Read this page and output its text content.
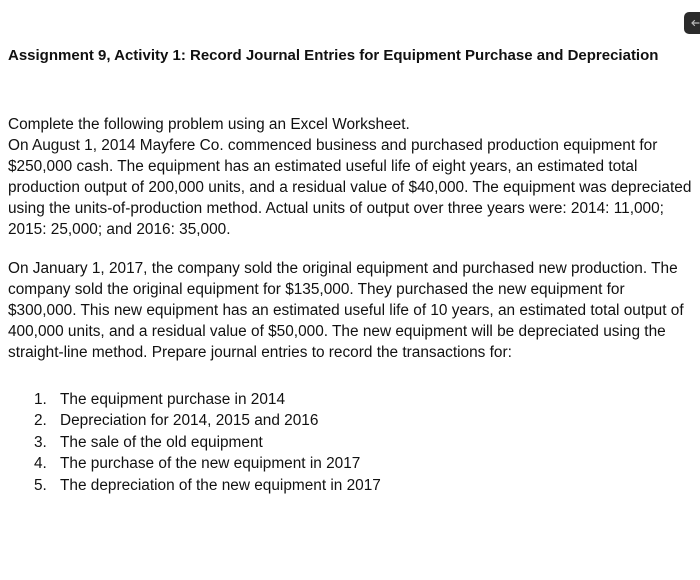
Assignment 9, Activity 1: Record Journal Entries for Equipment Purchase and Depreciation

Complete the following problem using an Excel Worksheet.

On August 1, 2014 Mayfere Co. commenced business and purchased production equipment for $250,000 cash. The equipment has an estimated useful life of eight years, an estimated total production output of 200,000 units, and a residual value of $40,000. The equipment was depreciated using the units-of-production method. Actual units of output over three years were: 2014: 11,000; 2015: 25,000; and 2016: 35,000.

On January 1, 2017, the company sold the original equipment and purchased new production. The company sold the original equipment for $135,000. They purchased the new equipment for $300,000. This new equipment has an estimated useful life of 10 years, an estimated total output of 400,000 units, and a residual value of $50,000. The new equipment will be depreciated using the straight-line method. Prepare journal entries to record the transactions for:

1. The equipment purchase in 2014
2. Depreciation for 2014, 2015 and 2016
3. The sale of the old equipment
4. The purchase of the new equipment in 2017
5. The depreciation of the new equipment in 2017
